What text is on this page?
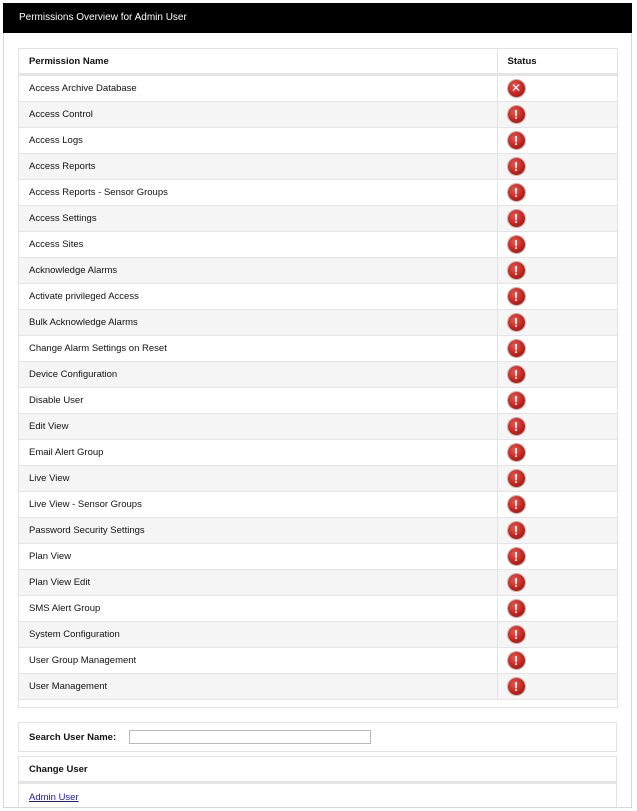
Permissions Overview for Admin User
Permission Name	Status
Access Archive Database	✕
Access Control	!
Access Logs	!
Access Reports	!
Access Reports - Sensor Groups	!
Access Settings	!
Access Sites	!
Acknowledge Alarms	!
Activate privileged Access	!
Bulk Acknowledge Alarms	!
Change Alarm Settings on Reset	!
Device Configuration	!
Disable User	!
Edit View	!
Email Alert Group	!
Live View	!
Live View - Sensor Groups	!
Password Security Settings	!
Plan View	!
Plan View Edit	!
SMS Alert Group	!
System Configuration	!
User Group Management	!
User Management	!
Search User Name:
Change User
Admin User
